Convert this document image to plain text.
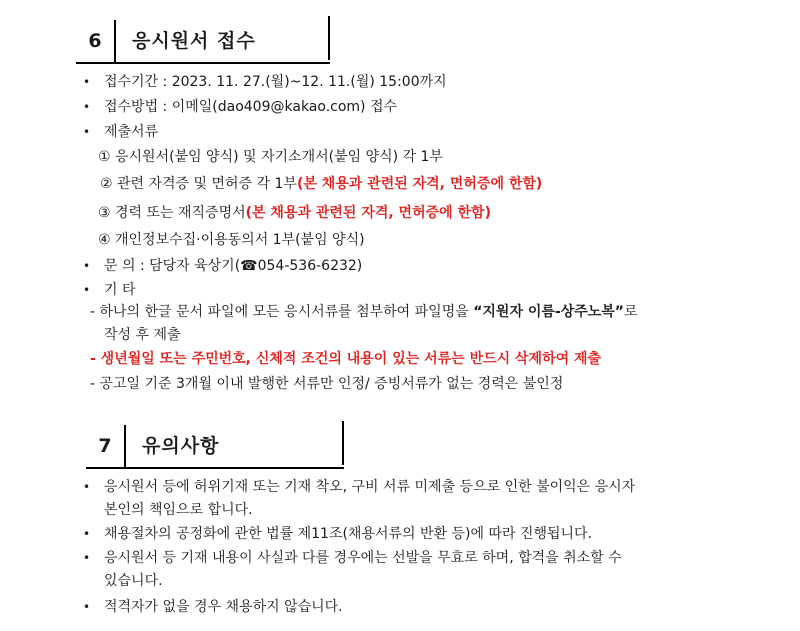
6	응시원서 접수
• 접수기간 : 2023. 11. 27.(월)~12. 11.(월) 15:00까지
• 접수방법 : 이메일(dao409@kakao.com) 접수
• 제출서류
① 응시원서(붙임 양식) 및 자기소개서(붙임 양식) 각 1부
② 관련 자격증 및 면허증 각 1부(본 채용과 관련된 자격, 면허증에 한함)
③ 경력 또는 재직증명서(본 채용과 관련된 자격, 면허증에 한함)
④ 개인정보수집·이용동의서 1부(붙임 양식)
• 문 의 : 담당자 육상기(☎054-536-6232)
• 기 타
- 하나의 한글 문서 파일에 모든 응시서류를 첨부하여 파일명을 “지원자 이름-상주노복”로
작성 후 제출
- 생년월일 또는 주민번호, 신체적 조건의 내용이 있는 서류는 반드시 삭제하여 제출
- 공고일 기준 3개월 이내 발행한 서류만 인정/ 증빙서류가 없는 경력은 불인정
7	유의사항
• 응시원서 등에 허위기재 또는 기재 착오, 구비 서류 미제출 등으로 인한 불이익은 응시자
본인의 책임으로 합니다.
• 채용절차의 공정화에 관한 법률 제11조(채용서류의 반환 등)에 따라 진행됩니다.
• 응시원서 등 기재 내용이 사실과 다를 경우에는 선발을 무효로 하며, 합격을 취소할 수
있습니다.
• 적격자가 없을 경우 채용하지 않습니다.
